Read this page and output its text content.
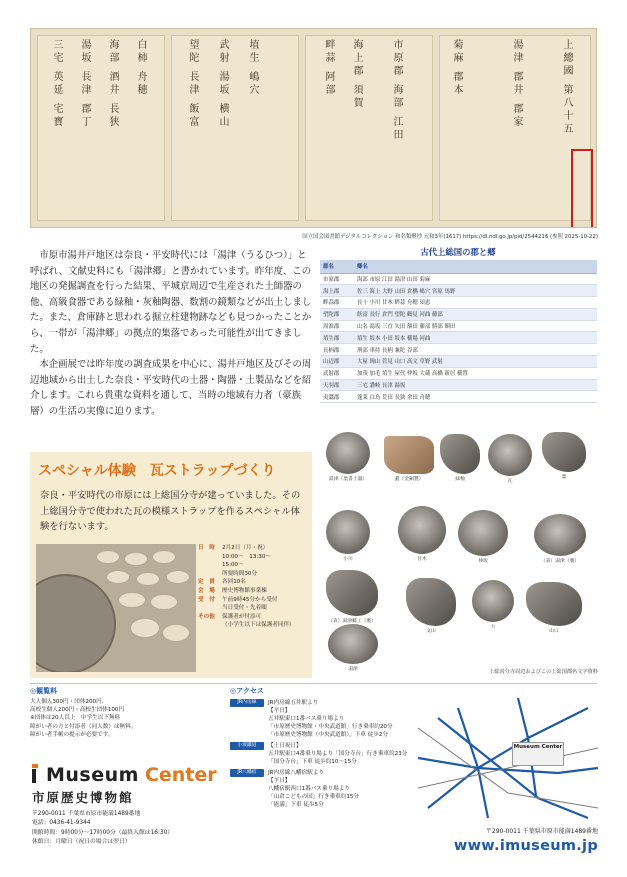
三宅 英延 宅寳 湯坂 長津 郡丁 海部 酒井 長狭 白柿 舟穂	望陀 長津 飯富 武射 湯坂 横山 埴生 嶋穴	畔蒜 阿部 海上郡 須賀	市原郡 海部 江田	菊麻 郡本	湯津 郡井 郡家	上總國 第八十五
国立国会図書館デジタルコレクション 和名類聚抄 元和3年(1617) https://dl.ndl.go.jp/pid/2544216 (参照 2025-10-22)

市原市湯井戸地区は奈良・平安時代には「湯津（うるひつ）」と呼ばれ、文献史料にも「湯津郷」と書かれています。昨年度、この地区の発掘調査を行った結果、平城京周辺で生産された土師器の他、高級食器である緑釉・灰釉陶器、数割の鏡類などが出土しました。また、倉庫跡と思われる掘立柱建物跡なども見つかったことから、一帯が「湯津郷」の拠点的集落であった可能性が出てきました。

本企画展では昨年度の調査成果を中心に、湯井戸地区及びその周辺地域から出土した奈良・平安時代の土器・陶器・土製品などを紹介します。これら貴重な資料を通して、当時の地域有力者（豪族層）の生活の実像に迫ります。

古代上総国の郡と郷
郡名	郷名
市原郡	海部 市原 江田 湯津 山田 菊麻
海上郡	佐三 海上 大野 山田 倉橋 嶋穴 宮原 馬野
畔蒜郡	長十 小川 甘木 畔蒜 舟穂 須恵
望陀郡	飫富 長行 倉門 望陀 鶴見 河曲 藤部
周淮郡	山名 湯坂 三直 矢田 額田 藤部 勝部 額田
埴生郡	埴生 坂本 小田 坂本 横場 河曲
長柄郡	刑部 車持 長柄 兼陀 谷部
山辺郡	大屋 岡山 管見 山口 高文 草野 武射
武射郡	加茂 加毛 埴生 屋代 仲坂 大蔵 高橋 新居 横置
天羽郡	三宅 讃岐 長津 湯坂
夷灊郡	蓬莱 白鳥 荒田 長狭 余田 舟穂
スペシャル体験　瓦ストラップづくり
奈良・平安時代の市原には上総国分寺が建っていました。その上総国分寺で使われた瓦の模様ストラップを作るスペシャル体験を行ないます。
日　時	2月2日（月・祝）
10:00〜　13:30〜
15:00〜
所要時間30分
定　員	各回10名
会　場	歴史博物館事業棟
受　付	午前9時45分から受付
当日受付・先着順
その他	保護者が付添可
（小学生以下は保護者同伴）
湯津（墨書土器）	蓋（金銅製）	緑釉	瓦
墨
小川	甘木	仲坂	（表）湯津（裏）
（表）湯津郷工（裏）
文山
大
山口
湯津	上総国分寺周辺およびこの上総国郡名文字資料
◎観覧料
大人個人300円・団体200円、
高校生個人200円・高校生団体100円
※団体は20人以上　中学生以下無料
障がい者の方と付添者（同人数）は無料。
障がい者手帳の提示が必要です。
Museum Center
市原歴史博物館
〒290-0011 千葉県市原市能満1489番地
電話：0436-41-9344
開館時間：9時00分〜17時00分（最終入館は16:30）
休館日：月曜日（祝日の場合は翌日）
◎アクセス
JR内房線	JR内房線五井駅より
【平日】
五井駅東口1番バス乗り場より
「市原歴史博物館・中央武道館」行き乗車約20分
「市原歴史博物館（中央武道館）」下車 徒歩2分
小湊鐵道	【土日祝日】
五井駅東口4番乗り場より「国分寺台」行き乗車約23分
「国分寺台」下車 徒歩約10〜15分
JR八幡宿	JR内房線八幡宿駅より
【平日】
八幡宿駅西口1番バス乗り場より
「山倉こどもの国」行き乗車約15分
「能満」下車 徒歩5分
Museum Center
〒290-0011 千葉県市原市能満1489番地
www.imuseum.jp
